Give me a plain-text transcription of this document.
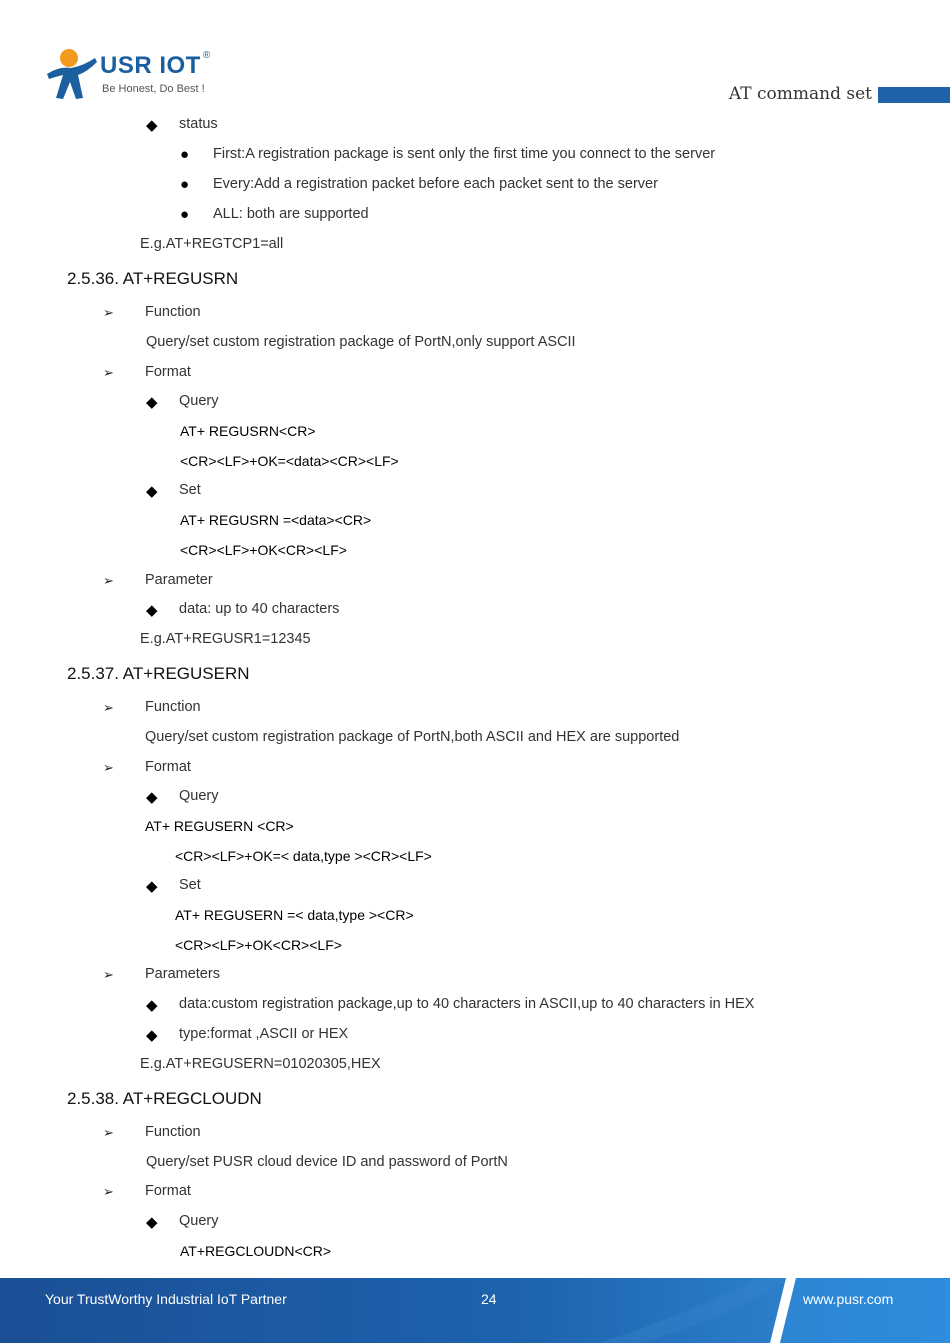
USR IOT ®
Be Honest, Do Best !	AT command set
◆ status
● First:A registration package is sent only the first time you connect to the server
● Every:Add a registration packet before each packet sent to the server
● ALL: both are supported
E.g.AT+REGTCP1=all
2.5.36. AT+REGUSRN
➢ Function
Query/set custom registration package of PortN,only support ASCII
➢ Format
◆ Query
AT+ REGUSRN<CR>
<CR><LF>+OK=<data><CR><LF>
◆ Set
AT+ REGUSRN =<data><CR>
<CR><LF>+OK<CR><LF>
➢ Parameter
◆ data: up to 40 characters
E.g.AT+REGUSR1=12345
2.5.37. AT+REGUSERN
➢ Function
Query/set custom registration package of PortN,both ASCII and HEX are supported
➢ Format
◆ Query
AT+ REGUSERN <CR>
<CR><LF>+OK=< data,type ><CR><LF>
◆ Set
AT+ REGUSERN =< data,type ><CR>
<CR><LF>+OK<CR><LF>
➢ Parameters
◆ data:custom registration package,up to 40 characters in ASCII,up to 40 characters in HEX
◆ type:format ,ASCII or HEX
E.g.AT+REGUSERN=01020305,HEX
2.5.38. AT+REGCLOUDN
➢ Function
Query/set PUSR cloud device ID and password of PortN
➢ Format
◆ Query
AT+REGCLOUDN<CR>
Your TrustWorthy Industrial IoT Partner	24	www.pusr.com
